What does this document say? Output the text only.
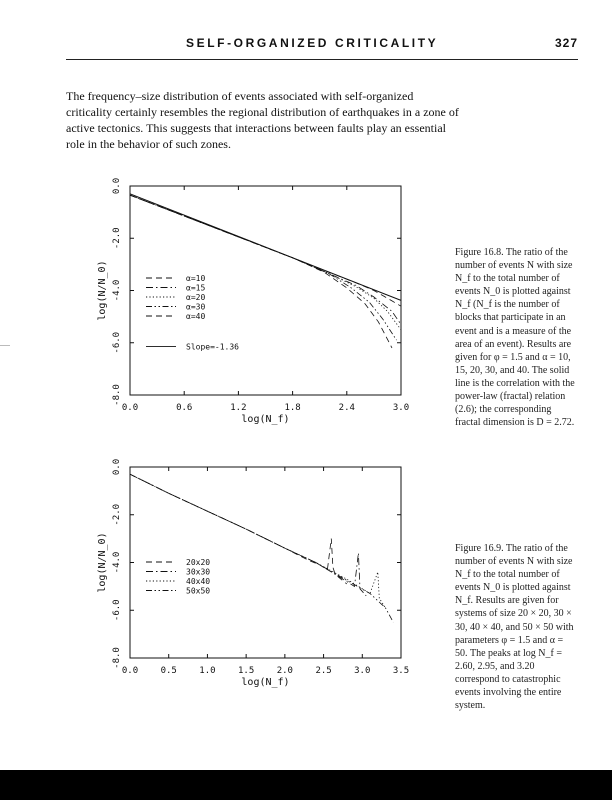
SELF-ORGANIZED CRITICALITY	327

The frequency–size distribution of events associated with self-organized criticality certainly resembles the regional distribution of earthquakes in a zone of active tectonics. This suggests that interactions between faults play an essential role in the behavior of such zones.

0.0	0.6	1.2	1.8	2.4	3.0
0.0
-2.0
-4.0
-6.0
-8.0
log(N_f)
log(N/N_0)	α=10
α=15
α=20
α=30
α=40
Slope=-1.36
0.0 0.5 1.0 1.5 2.0 2.5 3.0 3.5
0.0
-2.0
-4.0
-6.0
-8.0
log(N_f)
log(N/N_0)	20x20
30x30
40x40
50x50

Figure 16.8. The ratio of the number of events N with size N_f to the total number of events N_0 is plotted against N_f (N_f is the number of blocks that participate in an event and is a measure of the area of an event). Results are given for φ = 1.5 and α = 10, 15, 20, 30, and 40. The solid line is the correlation with the power-law (fractal) relation (2.6); the corresponding fractal dimension is D = 2.72.

Figure 16.9. The ratio of the number of events N with size N_f to the total number of events N_0 is plotted against N_f. Results are given for systems of size 20 × 20, 30 × 30, 40 × 40, and 50 × 50 with parameters φ = 1.5 and α = 50. The peaks at log N_f = 2.60, 2.95, and 3.20 correspond to catastrophic events involving the entire system.
